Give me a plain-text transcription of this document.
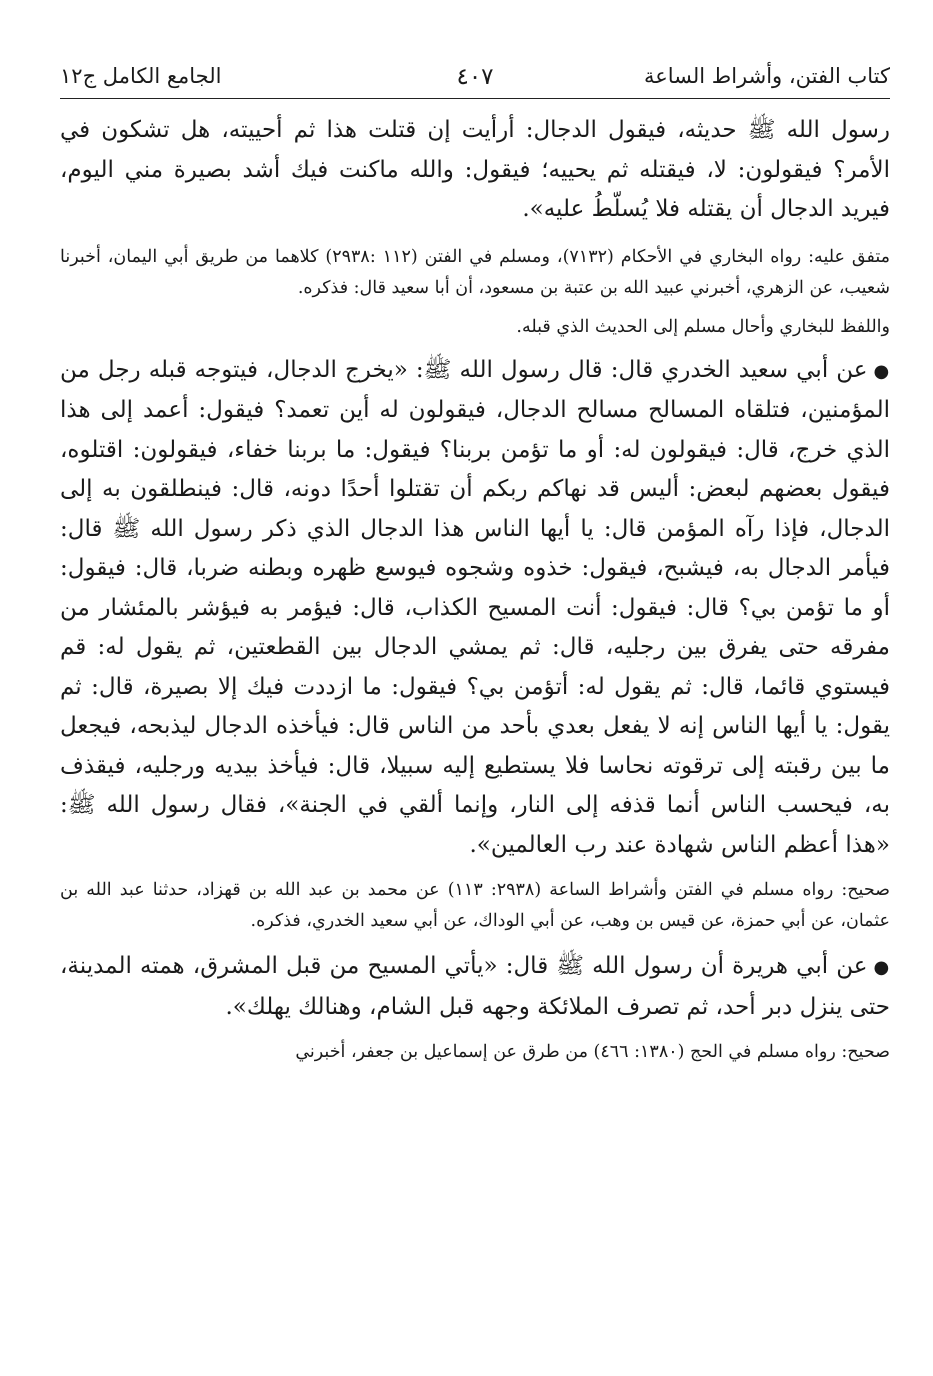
كتاب الفتن، وأشراط الساعة
٤٠٧
الجامع الكامل ج١٢

رسول الله ﷺ حديثه، فيقول الدجال: أرأيت إن قتلت هذا ثم أحييته، هل تشكون في الأمر؟ فيقولون: لا، فيقتله ثم يحييه؛ فيقول: والله ماكنت فيك أشد بصيرة مني اليوم، فيريد الدجال أن يقتله فلا يُسلّطُ عليه».

متفق عليه: رواه البخاري في الأحكام (٧١٣٢)، ومسلم في الفتن (١١٢ :٢٩٣٨) كلاهما من طريق أبي اليمان، أخبرنا شعيب، عن الزهري، أخبرني عبيد الله بن عتبة بن مسعود، أن أبا سعيد قال: فذكره.

واللفظ للبخاري وأحال مسلم إلى الحديث الذي قبله.

●عن أبي سعيد الخدري قال: قال رسول الله ﷺ: «يخرج الدجال، فيتوجه قبله رجل من المؤمنين، فتلقاه المسالح مسالح الدجال، فيقولون له أين تعمد؟ فيقول: أعمد إلى هذا الذي خرج، قال: فيقولون له: أو ما تؤمن بربنا؟ فيقول: ما بربنا خفاء، فيقولون: اقتلوه، فيقول بعضهم لبعض: أليس قد نهاكم ربكم أن تقتلوا أحدًا دونه، قال: فينطلقون به إلى الدجال، فإذا رآه المؤمن قال: يا أيها الناس هذا الدجال الذي ذكر رسول الله ﷺ قال: فيأمر الدجال به، فيشبح، فيقول: خذوه وشجوه فيوسع ظهره وبطنه ضربا، قال: فيقول: أو ما تؤمن بي؟ قال: فيقول: أنت المسيح الكذاب، قال: فيؤمر به فيؤشر بالمئشار من مفرقه حتى يفرق بين رجليه، قال: ثم يمشي الدجال بين القطعتين، ثم يقول له: قم فيستوي قائما، قال: ثم يقول له: أتؤمن بي؟ فيقول: ما ازددت فيك إلا بصيرة، قال: ثم يقول: يا أيها الناس إنه لا يفعل بعدي بأحد من الناس قال: فيأخذه الدجال ليذبحه، فيجعل ما بين رقبته إلى ترقوته نحاسا فلا يستطيع إليه سبيلا، قال: فيأخذ بيديه ورجليه، فيقذف به، فيحسب الناس أنما قذفه إلى النار، وإنما ألقي في الجنة»، فقال رسول الله ﷺ: «هذا أعظم الناس شهادة عند رب العالمين».

صحيح: رواه مسلم في الفتن وأشراط الساعة (٢٩٣٨: ١١٣) عن محمد بن عبد الله بن قهزاد، حدثنا عبد الله بن عثمان، عن أبي حمزة، عن قيس بن وهب، عن أبي الوداك، عن أبي سعيد الخدري، فذكره.

●عن أبي هريرة أن رسول الله ﷺ قال: «يأتي المسيح من قبل المشرق، همته المدينة، حتى ينزل دبر أحد، ثم تصرف الملائكة وجهه قبل الشام، وهنالك يهلك».

صحيح: رواه مسلم في الحج (١٣٨٠: ٤٦٦) من طرق عن إسماعيل بن جعفر، أخبرني
